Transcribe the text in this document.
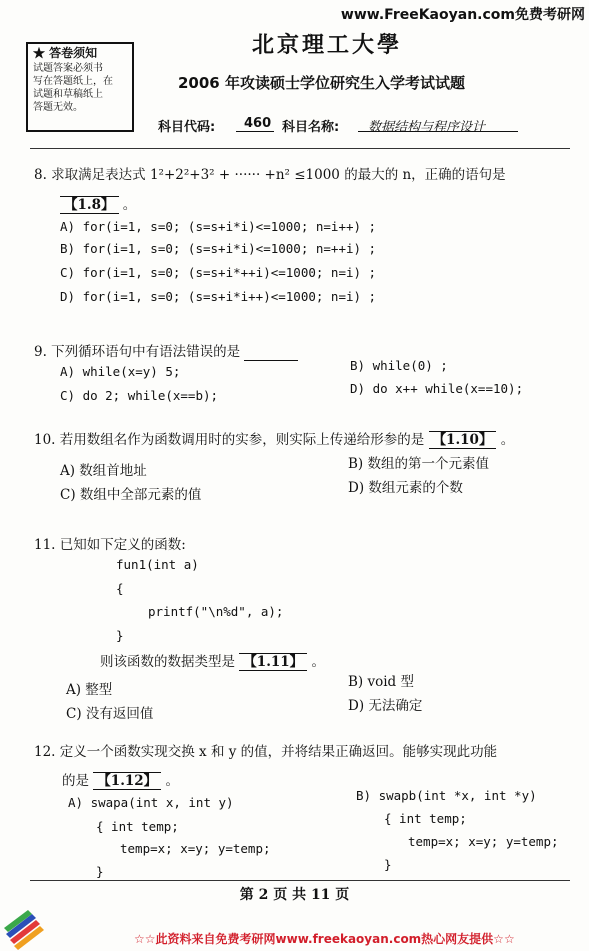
www.FreeKaoyan.com免费考研网
★ 答卷须知
试题答案必须书
写在答题纸上，在
试题和草稿纸上
答题无效。
北京理工大學
2006 年攻读硕士学位研究生入学考试试题
科目代码: 460 科目名称: 数据结构与程序设计
8. 求取满足表达式 1²+2²+3² + ······ +n² ≤1000 的最大的 n，正确的语句是
【1.8】 。
A) for(i=1, s=0; (s=s+i*i)<=1000; n=i++) ;
B) for(i=1, s=0; (s=s+i*i)<=1000; n=++i) ;
C) for(i=1, s=0; (s=s+i*++i)<=1000; n=i) ;
D) for(i=1, s=0; (s=s+i*i++)<=1000; n=i) ;
9. 下列循环语句中有语法错误的是
A) while(x=y) 5;	B) while(0) ;
C) do 2; while(x==b);	D) do x++ while(x==10);
10. 若用数组名作为函数调用时的实参，则实际上传递给形参的是 【1.10】 。
A) 数组首地址	B) 数组的第一个元素值
C) 数组中全部元素的值	D) 数组元素的个数
11. 已知如下定义的函数:
fun1(int a)
{
printf("\n%d", a);
}
则该函数的数据类型是 【1.11】 。
A) 整型	B) void 型
C) 没有返回值	D) 无法确定
12. 定义一个函数实现交换 x 和 y 的值，并将结果正确返回。能够实现此功能
的是 【1.12】 。
A) swapa(int x, int y)
{ int temp;
temp=x; x=y; y=temp;
}
B) swapb(int *x, int *y)
{ int temp;
temp=x; x=y; y=temp;
}
第 2 页 共 11 页
☆☆此资料来自免费考研网www.freekaoyan.com热心网友提供☆☆
